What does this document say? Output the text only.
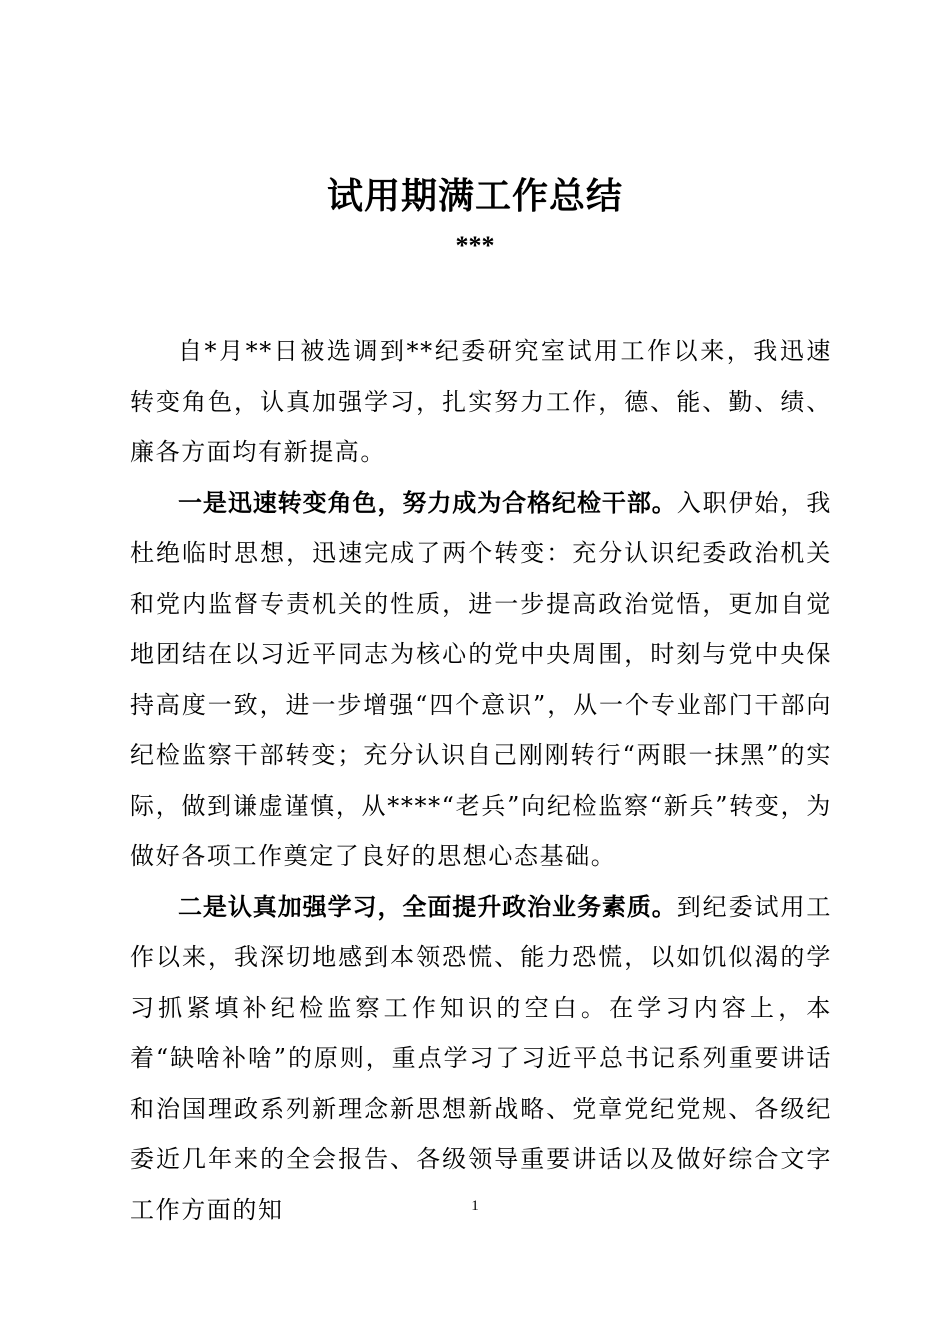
试用期满工作总结
***

自*月**日被选调到**纪委研究室试用工作以来，我迅速转变角色，认真加强学习，扎实努力工作，德、能、勤、绩、廉各方面均有新提高。

一是迅速转变角色，努力成为合格纪检干部。入职伊始，我杜绝临时思想，迅速完成了两个转变：充分认识纪委政治机关和党内监督专责机关的性质，进一步提高政治觉悟，更加自觉地团结在以习近平同志为核心的党中央周围，时刻与党中央保持高度一致，进一步增强“四个意识”，从一个专业部门干部向纪检监察干部转变；充分认识自己刚刚转行“两眼一抹黑”的实际，做到谦虚谨慎，从****“老兵”向纪检监察“新兵”转变，为做好各项工作奠定了良好的思想心态基础。

二是认真加强学习，全面提升政治业务素质。到纪委试用工作以来，我深切地感到本领恐慌、能力恐慌，以如饥似渴的学习抓紧填补纪检监察工作知识的空白。在学习内容上，本着“缺啥补啥”的原则，重点学习了习近平总书记系列重要讲话和治国理政系列新理念新思想新战略、党章党纪党规、各级纪委近几年来的全会报告、各级领导重要讲话以及做好综合文字工作方面的知	1
